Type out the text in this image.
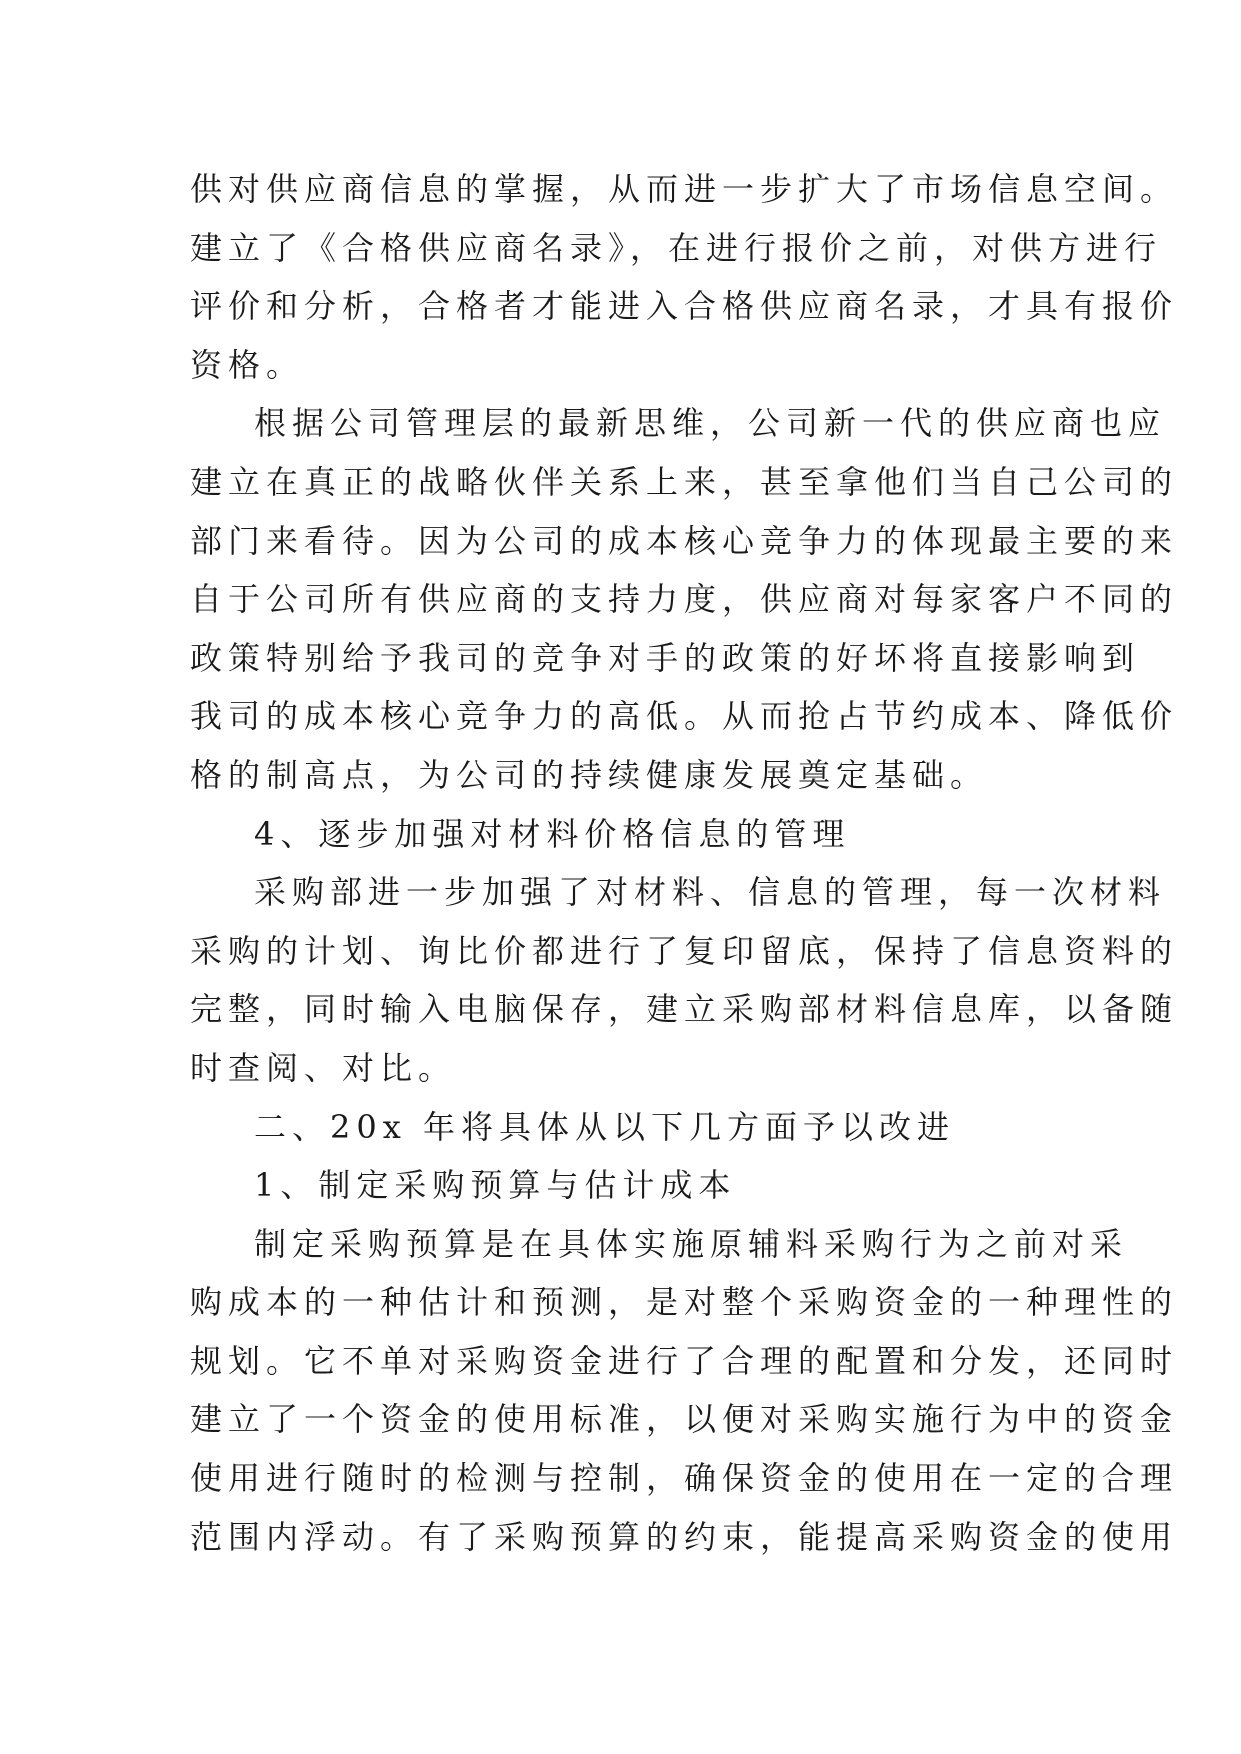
供对供应商信息的掌握，从而进一步扩大了市场信息空间。
建立了《合格供应商名录》，在进行报价之前，对供方进行
评价和分析，合格者才能进入合格供应商名录，才具有报价
资格。
根据公司管理层的最新思维，公司新一代的供应商也应
建立在真正的战略伙伴关系上来，甚至拿他们当自己公司的
部门来看待。因为公司的成本核心竞争力的体现最主要的来
自于公司所有供应商的支持力度，供应商对每家客户不同的
政策特别给予我司的竞争对手的政策的好坏将直接影响到
我司的成本核心竞争力的高低。从而抢占节约成本、降低价
格的制高点，为公司的持续健康发展奠定基础。
4、逐步加强对材料价格信息的管理
采购部进一步加强了对材料、信息的管理，每一次材料
采购的计划、询比价都进行了复印留底，保持了信息资料的
完整，同时输入电脑保存，建立采购部材料信息库，以备随
时查阅、对比。
二、20x 年将具体从以下几方面予以改进
1、制定采购预算与估计成本
制定采购预算是在具体实施原辅料采购行为之前对采
购成本的一种估计和预测，是对整个采购资金的一种理性的
规划。它不单对采购资金进行了合理的配置和分发，还同时
建立了一个资金的使用标准，以便对采购实施行为中的资金
使用进行随时的检测与控制，确保资金的使用在一定的合理
范围内浮动。有了采购预算的约束，能提高采购资金的使用
